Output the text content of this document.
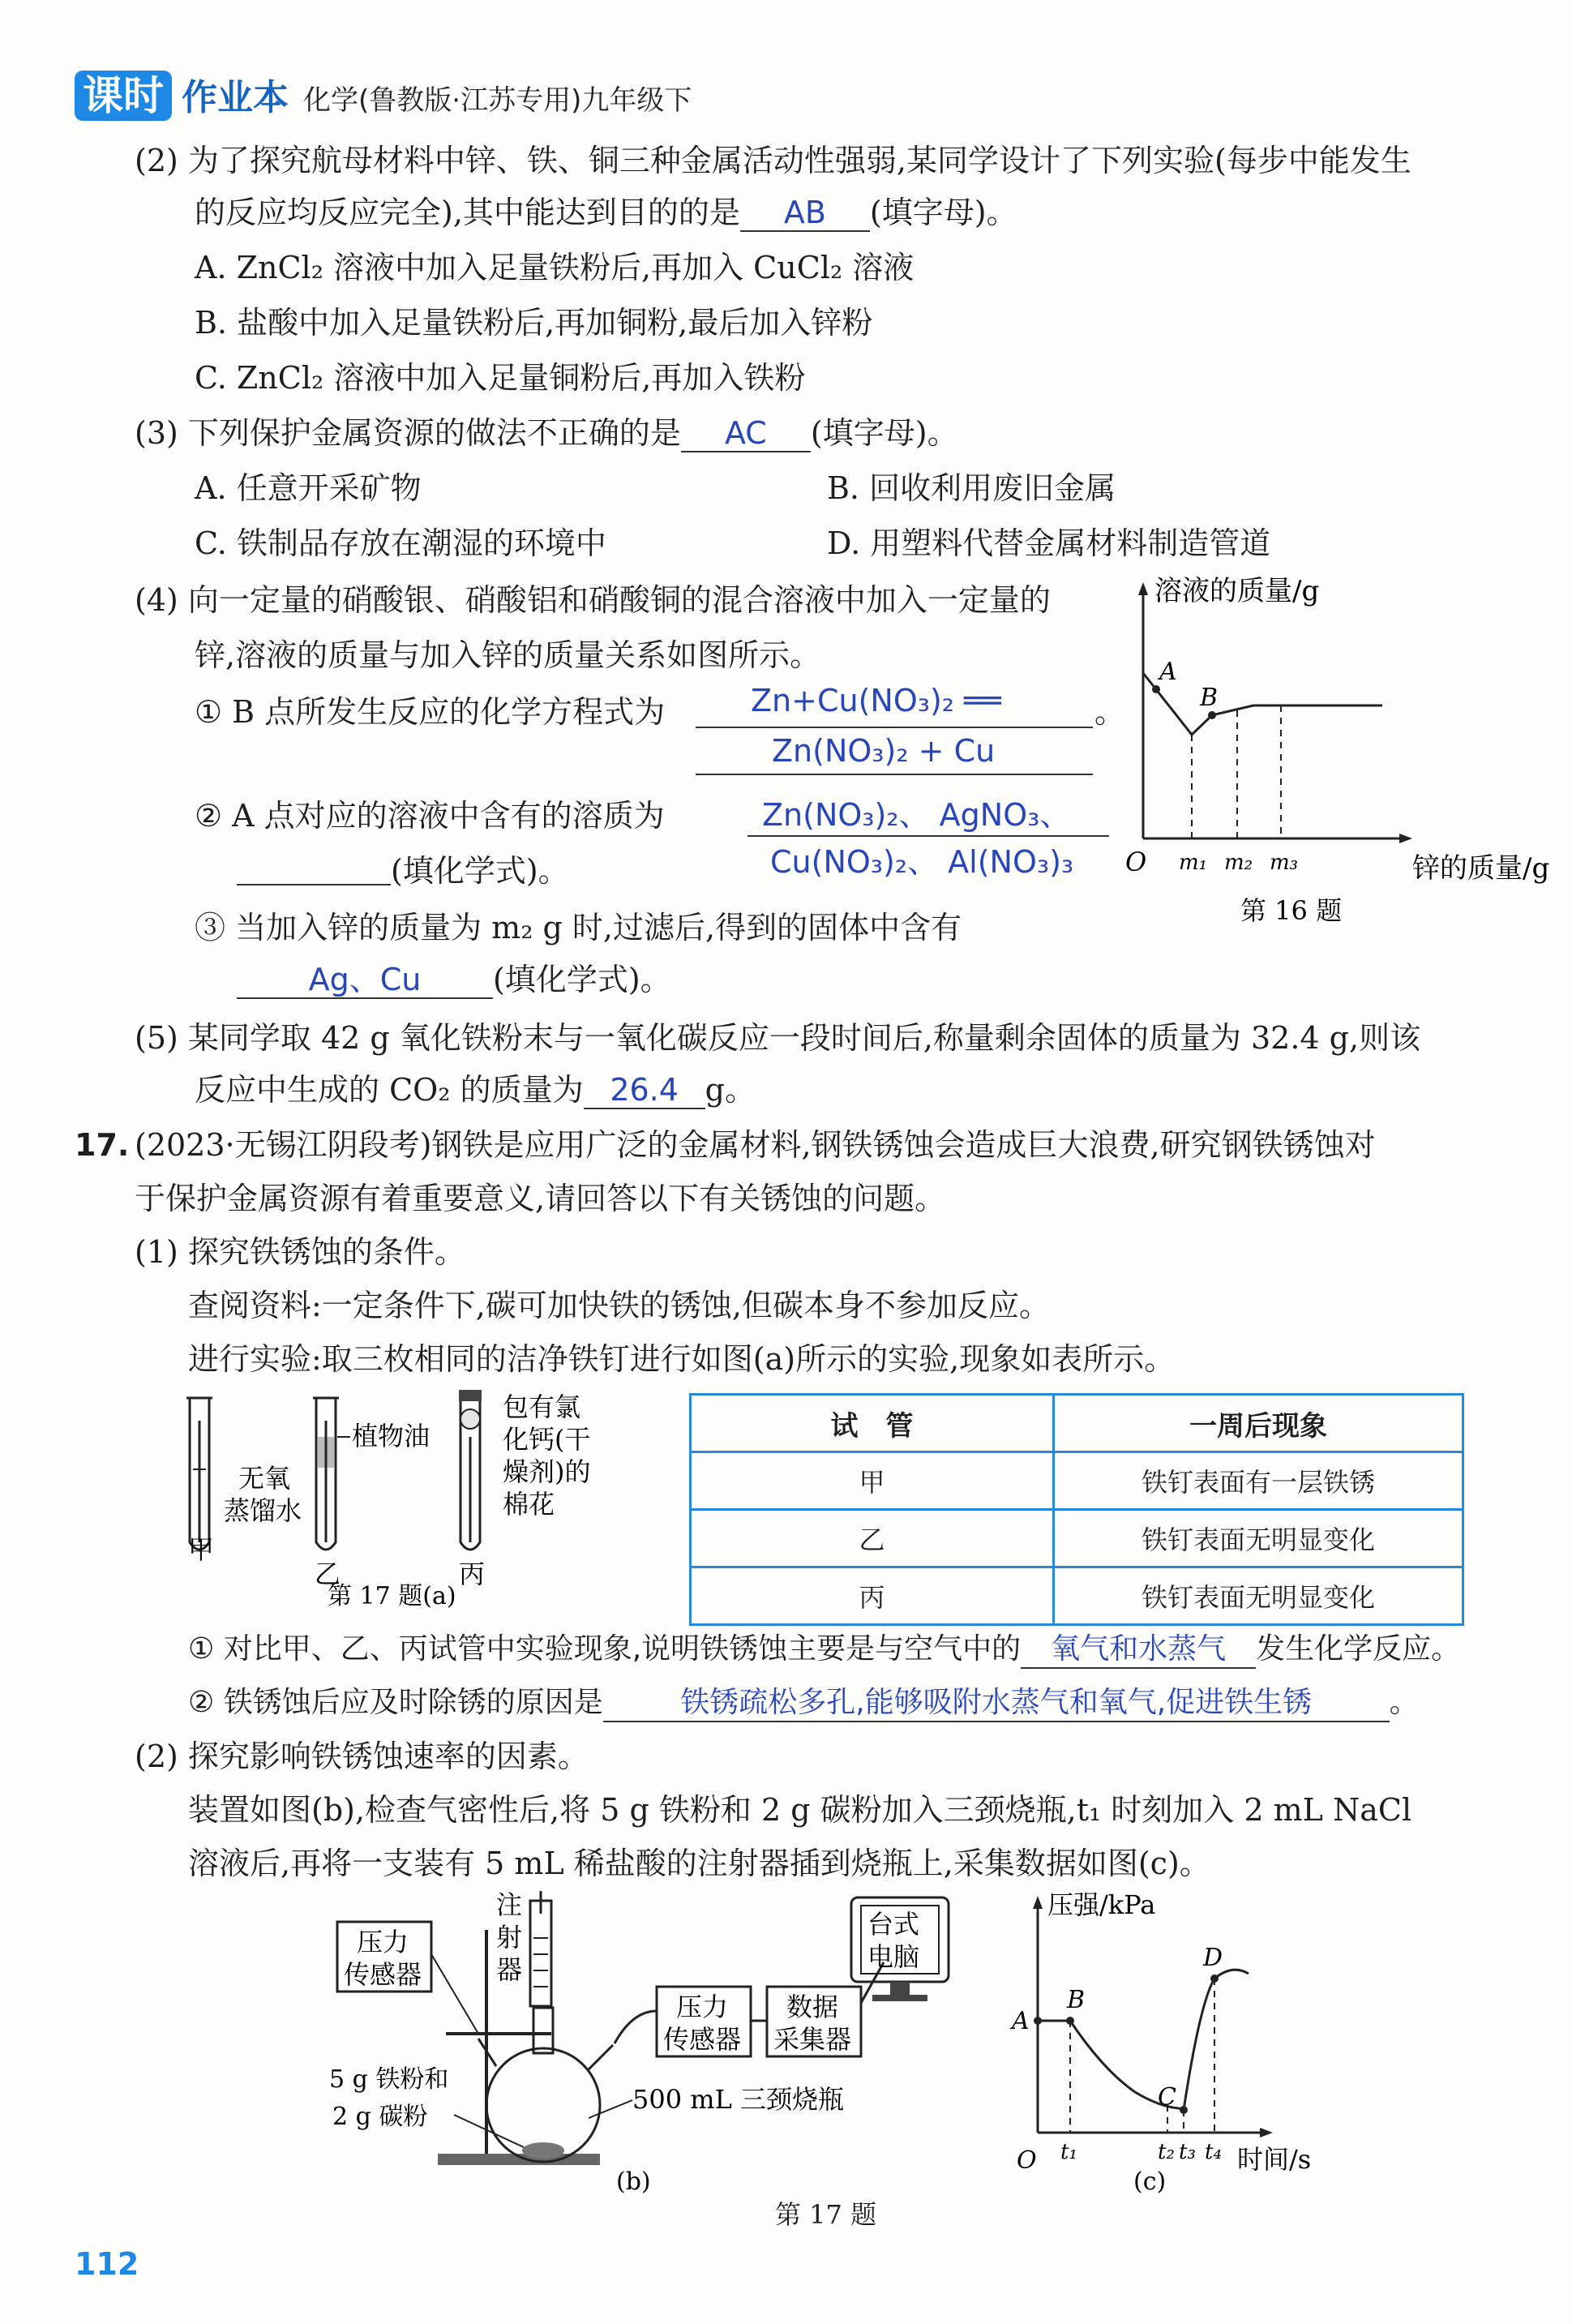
课时 作业本 化学(鲁教版·江苏专用)九年级下
(2) 为了探究航母材料中锌、铁、铜三种金属活动性强弱,某同学设计了下列实验(每步中能发生
的反应均反应完全),其中能达到目的的是 AB (填字母)。
A. ZnCl₂ 溶液中加入足量铁粉后,再加入 CuCl₂ 溶液
B. 盐酸中加入足量铁粉后,再加铜粉,最后加入锌粉
C. ZnCl₂ 溶液中加入足量铜粉后,再加入铁粉
(3) 下列保护金属资源的做法不正确的是 AC (填字母)。
A. 任意开采矿物	B. 回收利用废旧金属
C. 铁制品存放在潮湿的环境中	D. 用塑料代替金属材料制造管道
(4) 向一定量的硝酸银、硝酸铝和硝酸铜的混合溶液中加入一定量的
锌,溶液的质量与加入锌的质量关系如图所示。
① B 点所发生反应的化学方程式为	Zn+Cu(NO₃)₂ ══	。
Zn(NO₃)₂ + Cu
② A 点对应的溶液中含有的溶质为	Zn(NO₃)₂、 AgNO₃、
Cu(NO₃)₂、 Al(NO₃)₃
(填化学式)。
③ 当加入锌的质量为 m₂ g 时,过滤后,得到的固体中含有
Ag、Cu (填化学式)。
溶液的质量/g
锌的质量/g
O
A
B
m₁ m₂ m₃
第 16 题
(5) 某同学取 42 g 氧化铁粉末与一氧化碳反应一段时间后,称量剩余固体的质量为 32.4 g,则该
反应中生成的 CO₂ 的质量为 26.4 g。
17. (2023·无锡江阴段考)钢铁是应用广泛的金属材料,钢铁锈蚀会造成巨大浪费,研究钢铁锈蚀对
于保护金属资源有着重要意义,请回答以下有关锈蚀的问题。
(1) 探究铁锈蚀的条件。
查阅资料:一定条件下,碳可加快铁的锈蚀,但碳本身不参加反应。
进行实验:取三枚相同的洁净铁钉进行如图(a)所示的实验,现象如表所示。
无氧
蒸馏水
甲
植物油
乙
包有氯
化钙(干
燥剂)的
棉花
丙
第 17 题(a)
试　管	一周后现象
甲	铁钉表面有一层铁锈
乙	铁钉表面无明显变化
丙	铁钉表面无明显变化
① 对比甲、乙、丙试管中实验现象,说明铁锈蚀主要是与空气中的 氧气和水蒸气 发生化学反应。
② 铁锈蚀后应及时除锈的原因是	铁锈疏松多孔,能够吸附水蒸气和氧气,促进铁生锈	。
(2) 探究影响铁锈蚀速率的因素。
装置如图(b),检查气密性后,将 5 g 铁粉和 2 g 碳粉加入三颈烧瓶,t₁ 时刻加入 2 mL NaCl
溶液后,再将一支装有 5 mL 稀盐酸的注射器插到烧瓶上,采集数据如图(c)。
压力
传感器
注
射
器
压力
传感器
数据
采集器
台式
电脑
5 g 铁粉和
2 g 碳粉
500 mL 三颈烧瓶
(b)
压强/kPa
时间/s
O
A
B
C
D
t₁	t₂ t₃ t₄
(c)
第 17 题
112
